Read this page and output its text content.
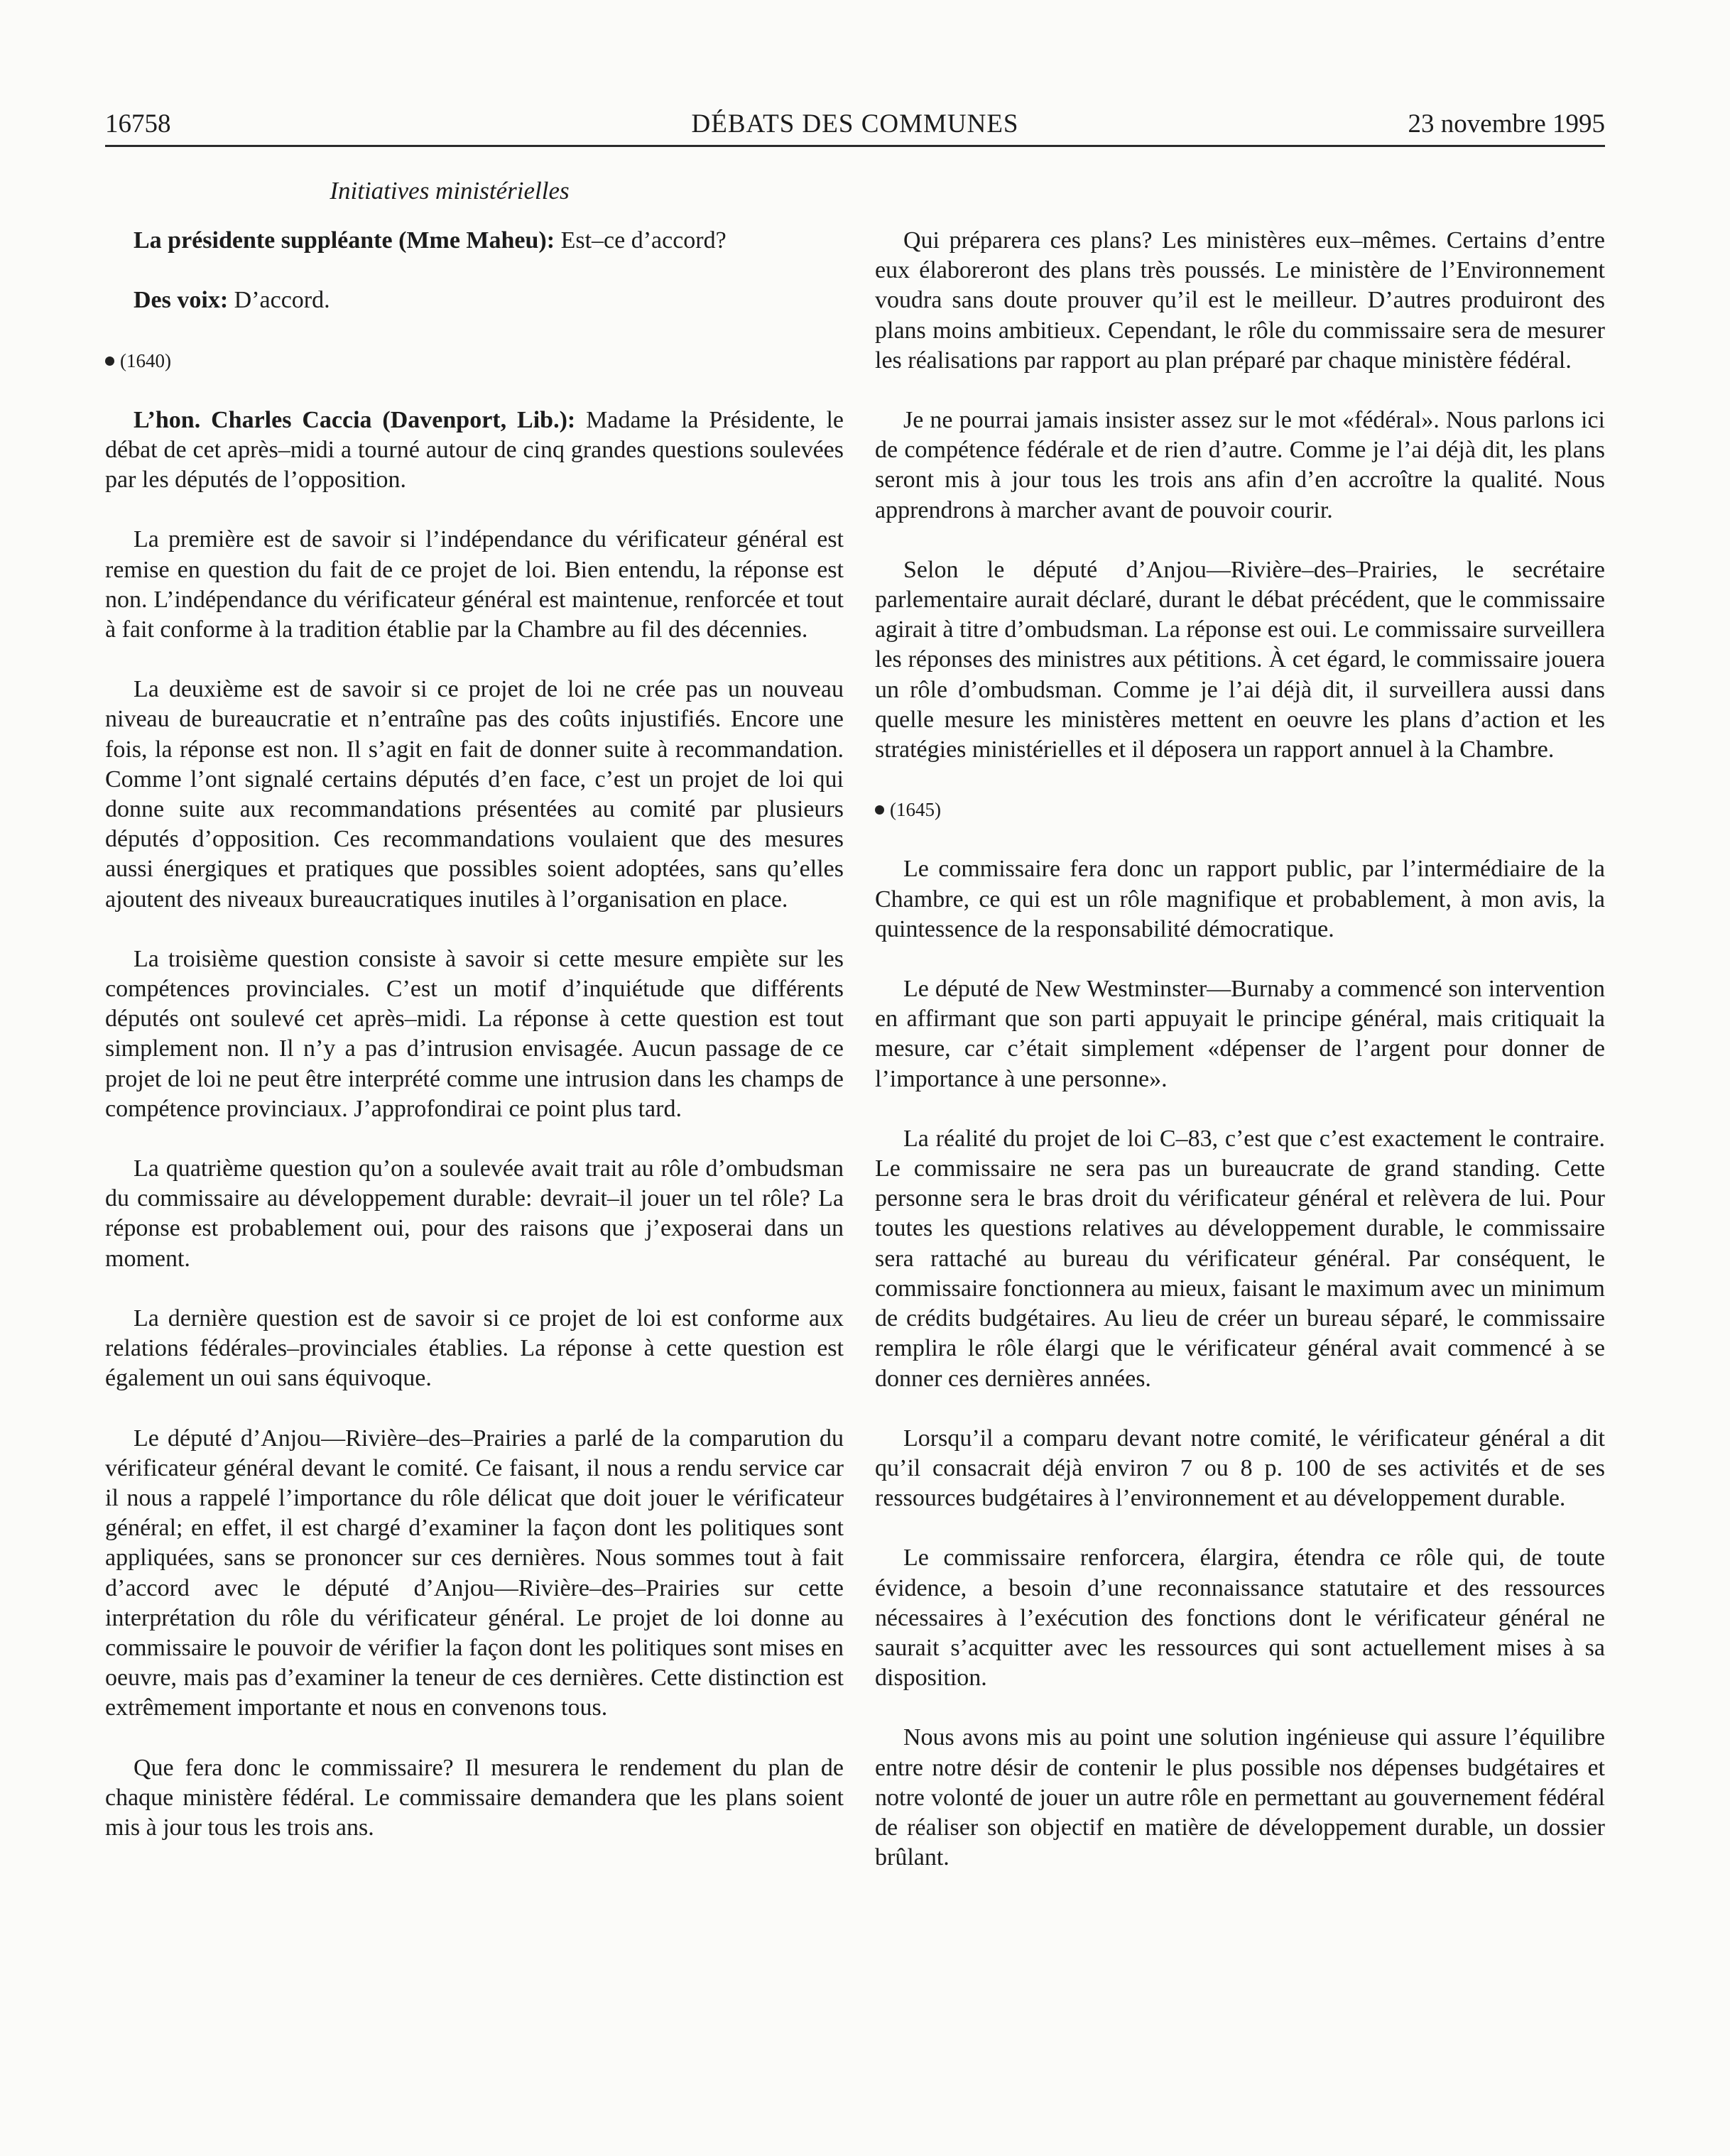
16758	DÉBATS DES COMMUNES	23 novembre 1995
Initiatives ministérielles

La présidente suppléante (Mme Maheu): Est–ce d’accord?

Des voix: D’accord.

(1640)

L’hon. Charles Caccia (Davenport, Lib.): Madame la Présidente, le débat de cet après–midi a tourné autour de cinq grandes questions soulevées par les députés de l’opposition.

La première est de savoir si l’indépendance du vérificateur général est remise en question du fait de ce projet de loi. Bien entendu, la réponse est non. L’indépendance du vérificateur général est maintenue, renforcée et tout à fait conforme à la tradition établie par la Chambre au fil des décennies.

La deuxième est de savoir si ce projet de loi ne crée pas un nouveau niveau de bureaucratie et n’entraîne pas des coûts injustifiés. Encore une fois, la réponse est non. Il s’agit en fait de donner suite à recommandation. Comme l’ont signalé certains députés d’en face, c’est un projet de loi qui donne suite aux recommandations présentées au comité par plusieurs députés d’opposition. Ces recommandations voulaient que des mesures aussi énergiques et pratiques que possibles soient adoptées, sans qu’elles ajoutent des niveaux bureaucratiques inutiles à l’organisation en place.

La troisième question consiste à savoir si cette mesure empiète sur les compétences provinciales. C’est un motif d’inquiétude que différents députés ont soulevé cet après–midi. La réponse à cette question est tout simplement non. Il n’y a pas d’intrusion envisagée. Aucun passage de ce projet de loi ne peut être interprété comme une intrusion dans les champs de compétence provinciaux. J’approfondirai ce point plus tard.

La quatrième question qu’on a soulevée avait trait au rôle d’ombudsman du commissaire au développement durable: devrait–il jouer un tel rôle? La réponse est probablement oui, pour des raisons que j’exposerai dans un moment.

La dernière question est de savoir si ce projet de loi est conforme aux relations fédérales–provinciales établies. La réponse à cette question est également un oui sans équivoque.

Le député d’Anjou—Rivière–des–Prairies a parlé de la comparution du vérificateur général devant le comité. Ce faisant, il nous a rendu service car il nous a rappelé l’importance du rôle délicat que doit jouer le vérificateur général; en effet, il est chargé d’examiner la façon dont les politiques sont appliquées, sans se prononcer sur ces dernières. Nous sommes tout à fait d’accord avec le député d’Anjou—Rivière–des–Prairies sur cette interprétation du rôle du vérificateur général. Le projet de loi donne au commissaire le pouvoir de vérifier la façon dont les politiques sont mises en oeuvre, mais pas d’examiner la teneur de ces dernières. Cette distinction est extrêmement importante et nous en convenons tous.

Que fera donc le commissaire? Il mesurera le rendement du plan de chaque ministère fédéral. Le commissaire demandera que les plans soient mis à jour tous les trois ans.

Qui préparera ces plans? Les ministères eux–mêmes. Certains d’entre eux élaboreront des plans très poussés. Le ministère de l’Environnement voudra sans doute prouver qu’il est le meilleur. D’autres produiront des plans moins ambitieux. Cependant, le rôle du commissaire sera de mesurer les réalisations par rapport au plan préparé par chaque ministère fédéral.

Je ne pourrai jamais insister assez sur le mot «fédéral». Nous parlons ici de compétence fédérale et de rien d’autre. Comme je l’ai déjà dit, les plans seront mis à jour tous les trois ans afin d’en accroître la qualité. Nous apprendrons à marcher avant de pouvoir courir.

Selon le député d’Anjou—Rivière–des–Prairies, le secrétaire parlementaire aurait déclaré, durant le débat précédent, que le commissaire agirait à titre d’ombudsman. La réponse est oui. Le commissaire surveillera les réponses des ministres aux pétitions. À cet égard, le commissaire jouera un rôle d’ombudsman. Comme je l’ai déjà dit, il surveillera aussi dans quelle mesure les ministères mettent en oeuvre les plans d’action et les stratégies ministérielles et il déposera un rapport annuel à la Chambre.

(1645)

Le commissaire fera donc un rapport public, par l’intermédiaire de la Chambre, ce qui est un rôle magnifique et probablement, à mon avis, la quintessence de la responsabilité démocratique.

Le député de New Westminster—Burnaby a commencé son intervention en affirmant que son parti appuyait le principe général, mais critiquait la mesure, car c’était simplement «dépenser de l’argent pour donner de l’importance à une personne».

La réalité du projet de loi C–83, c’est que c’est exactement le contraire. Le commissaire ne sera pas un bureaucrate de grand standing. Cette personne sera le bras droit du vérificateur général et relèvera de lui. Pour toutes les questions relatives au développement durable, le commissaire sera rattaché au bureau du vérificateur général. Par conséquent, le commissaire fonctionnera au mieux, faisant le maximum avec un minimum de crédits budgétaires. Au lieu de créer un bureau séparé, le commissaire remplira le rôle élargi que le vérificateur général avait commencé à se donner ces dernières années.

Lorsqu’il a comparu devant notre comité, le vérificateur général a dit qu’il consacrait déjà environ 7 ou 8 p. 100 de ses activités et de ses ressources budgétaires à l’environnement et au développement durable.

Le commissaire renforcera, élargira, étendra ce rôle qui, de toute évidence, a besoin d’une reconnaissance statutaire et des ressources nécessaires à l’exécution des fonctions dont le vérificateur général ne saurait s’acquitter avec les ressources qui sont actuellement mises à sa disposition.

Nous avons mis au point une solution ingénieuse qui assure l’équilibre entre notre désir de contenir le plus possible nos dépenses budgétaires et notre volonté de jouer un autre rôle en permettant au gouvernement fédéral de réaliser son objectif en matière de développement durable, un dossier brûlant.
